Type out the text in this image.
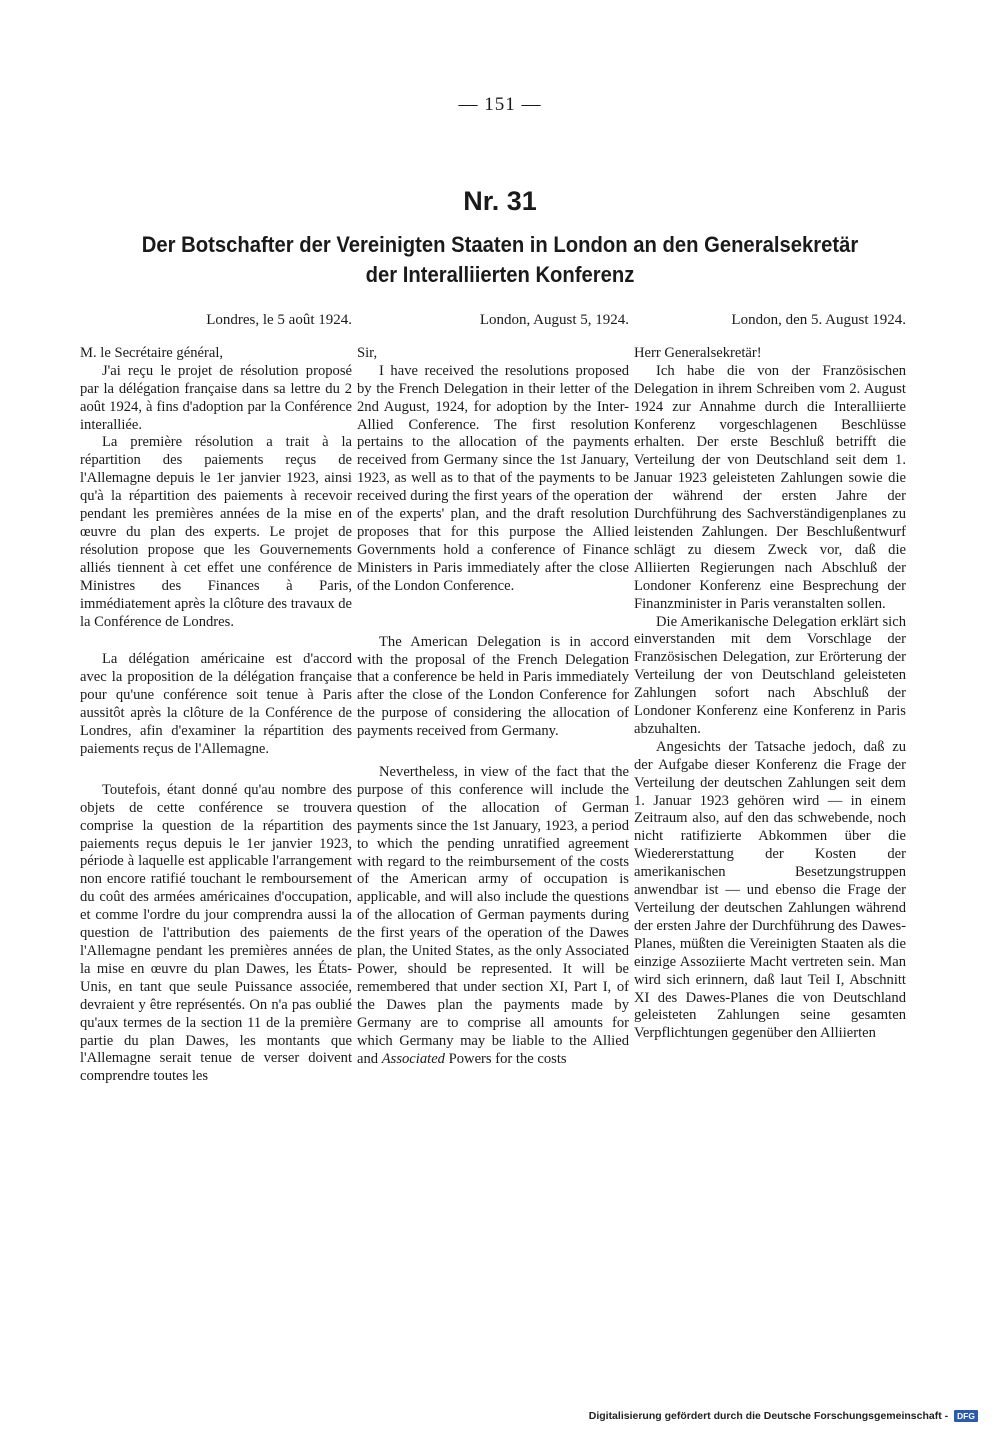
— 151 —
Nr. 31
Der Botschafter der Vereinigten Staaten in London an den Generalsekretär
der Interalliierten Konferenz
Londres, le 5 août 1924.

M. le Secrétaire général,

J'ai reçu le projet de résolution proposé par la délégation française dans sa lettre du 2 août 1924, à fins d'adoption par la Conférence interalliée.

La première résolution a trait à la répartition des paiements reçus de l'Allemagne depuis le 1er janvier 1923, ainsi qu'à la répartition des paiements à recevoir pendant les premières années de la mise en œuvre du plan des experts. Le projet de résolution propose que les Gouvernements alliés tiennent à cet effet une conférence de Ministres des Finances à Paris, immédiatement après la clôture des travaux de la Conférence de Londres.

La délégation américaine est d'accord avec la proposition de la délégation française pour qu'une conférence soit tenue à Paris aussitôt après la clôture de la Conférence de Londres, afin d'examiner la répartition des paiements reçus de l'Allemagne.

Toutefois, étant donné qu'au nombre des objets de cette conférence se trouvera comprise la question de la répartition des paiements reçus depuis le 1er janvier 1923, période à laquelle est applicable l'arrangement non encore ratifié touchant le remboursement du coût des armées américaines d'occupation, et comme l'ordre du jour comprendra aussi la question de l'attribution des paiements de l'Allemagne pendant les premières années de la mise en œuvre du plan Dawes, les États-Unis, en tant que seule Puissance associée, devraient y être représentés. On n'a pas oublié qu'aux termes de la section 11 de la première partie du plan Dawes, les montants que l'Allemagne serait tenue de verser doivent comprendre toutes les

London, August 5, 1924.

Sir,

I have received the resolutions proposed by the French Delegation in their letter of the 2nd August, 1924, for adoption by the Inter-Allied Conference. The first resolution pertains to the allocation of the payments received from Germany since the 1st January, 1923, as well as to that of the payments to be received during the first years of the operation of the experts' plan, and the draft resolution proposes that for this purpose the Allied Governments hold a conference of Finance Ministers in Paris immediately after the close of the London Conference.

The American Delegation is in accord with the proposal of the French Delegation that a conference be held in Paris immediately after the close of the London Conference for the purpose of considering the allocation of payments received from Germany.

Nevertheless, in view of the fact that the purpose of this conference will include the question of the allocation of German payments since the 1st January, 1923, a period to which the pending unratified agreement with regard to the reimbursement of the costs of the American army of occupation is applicable, and will also include the questions of the allocation of German payments during the first years of the operation of the Dawes plan, the United States, as the only Associated Power, should be represented. It will be remembered that under section XI, Part I, of the Dawes plan the payments made by Germany are to comprise all amounts for which Germany may be liable to the Allied and Associated Powers for the costs

London, den 5. August 1924.

Herr Generalsekretär!

Ich habe die von der Französischen Delegation in ihrem Schreiben vom 2. August 1924 zur Annahme durch die Interalliierte Konferenz vorgeschlagenen Beschlüsse erhalten. Der erste Beschluß betrifft die Verteilung der von Deutschland seit dem 1. Januar 1923 geleisteten Zahlungen sowie die der während der ersten Jahre der Durchführung des Sachverständigenplanes zu leistenden Zahlungen. Der Beschlußentwurf schlägt zu diesem Zweck vor, daß die Alliierten Regierungen nach Abschluß der Londoner Konferenz eine Besprechung der Finanzminister in Paris veranstalten sollen.

Die Amerikanische Delegation erklärt sich einverstanden mit dem Vorschlage der Französischen Delegation, zur Erörterung der Verteilung der von Deutschland geleisteten Zahlungen sofort nach Abschluß der Londoner Konferenz eine Konferenz in Paris abzuhalten.

Angesichts der Tatsache jedoch, daß zu der Aufgabe dieser Konferenz die Frage der Verteilung der deutschen Zahlungen seit dem 1. Januar 1923 gehören wird — in einem Zeitraum also, auf den das schwebende, noch nicht ratifizierte Abkommen über die Wiedererstattung der Kosten der amerikanischen Besetzungstruppen anwendbar ist — und ebenso die Frage der Verteilung der deutschen Zahlungen während der ersten Jahre der Durchführung des Dawes-Planes, müßten die Vereinigten Staaten als die einzige Assoziierte Macht vertreten sein. Man wird sich erinnern, daß laut Teil I, Abschnitt XI des Dawes-Planes die von Deutschland geleisteten Zahlungen seine gesamten Verpflichtungen gegenüber den Alliierten

Digitalisierung gefördert durch die Deutsche Forschungsgemeinschaft - DFG
